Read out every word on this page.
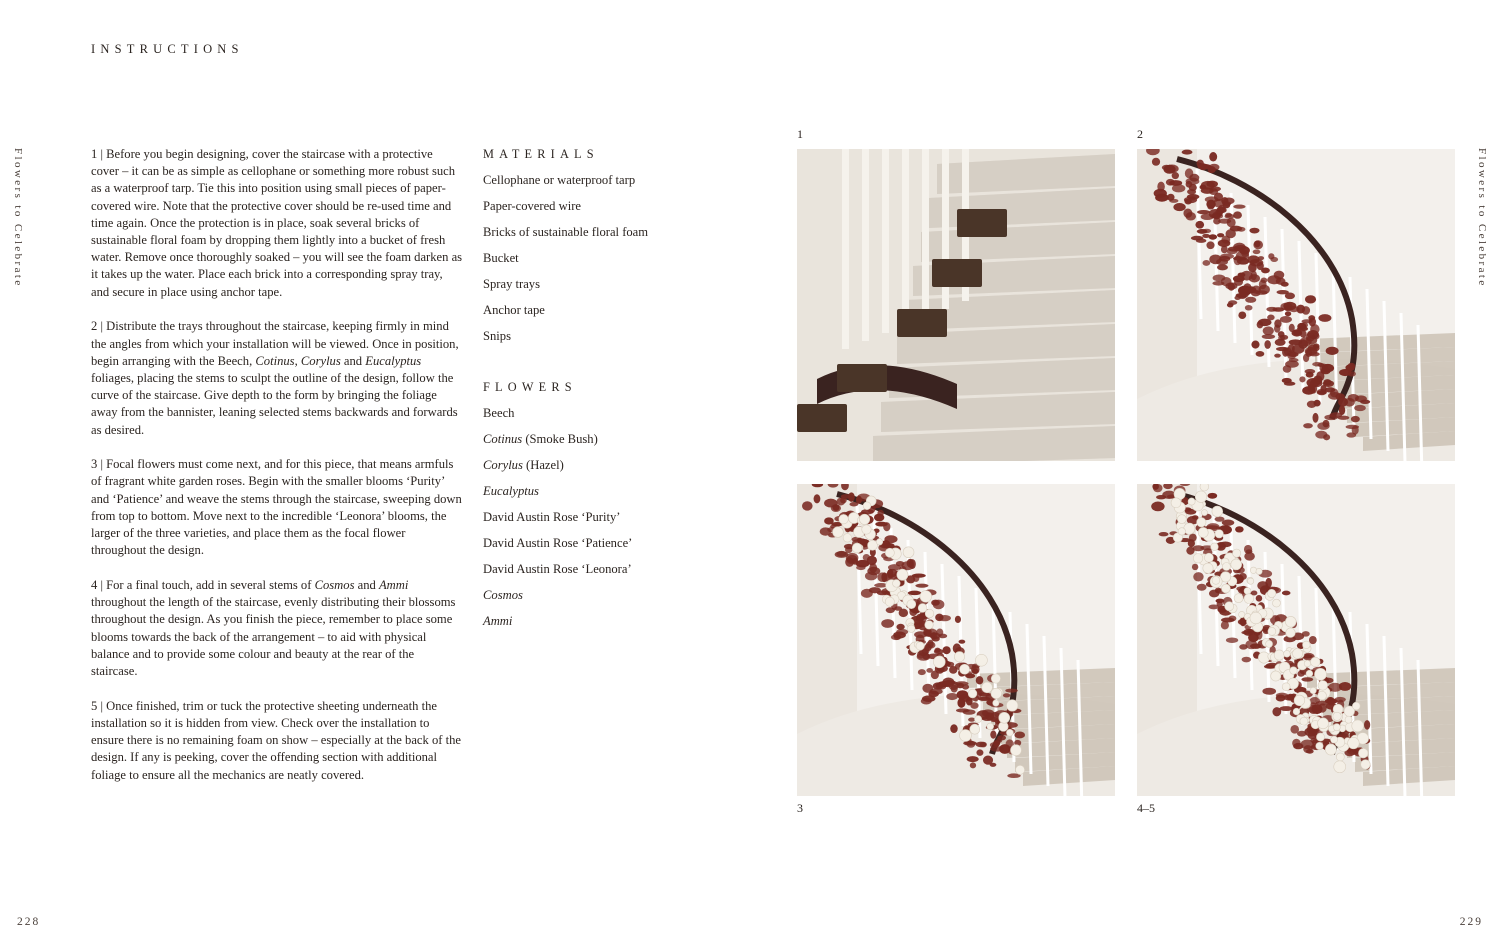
INSTRUCTIONS
Flowers to Celebrate	Flowers to Celebrate

1 | Before you begin designing, cover the staircase with a protective cover – it can be as simple as cellophane or something more robust such as a waterproof tarp. Tie this into position using small pieces of paper-covered wire. Note that the protective cover should be re-used time and time again. Once the protection is in place, soak several bricks of sustainable floral foam by dropping them lightly into a bucket of fresh water. Remove once thoroughly soaked – you will see the foam darken as it takes up the water. Place each brick into a corresponding spray tray, and secure in place using anchor tape.

2 | Distribute the trays throughout the staircase, keeping firmly in mind the angles from which your installation will be viewed. Once in position, begin arranging with the Beech, Cotinus, Corylus and Eucalyptus foliages, placing the stems to sculpt the outline of the design, follow the curve of the staircase. Give depth to the form by bringing the foliage away from the bannister, leaning selected stems backwards and forwards as desired.

3 | Focal flowers must come next, and for this piece, that means armfuls of fragrant white garden roses. Begin with the smaller blooms ‘Purity’ and ‘Patience’ and weave the stems through the staircase, sweeping down from top to bottom. Move next to the incredible ‘Leonora’ blooms, the larger of the three varieties, and place them as the focal flower throughout the design.

4 | For a final touch, add in several stems of Cosmos and Ammi throughout the length of the staircase, evenly distributing their blossoms throughout the design. As you finish the piece, remember to place some blooms towards the back of the arrangement – to aid with physical balance and to provide some colour and beauty at the rear of the staircase.

5 | Once finished, trim or tuck the protective sheeting underneath the installation so it is hidden from view. Check over the installation to ensure there is no remaining foam on show – especially at the back of the design. If any is peeking, cover the offending section with additional foliage to ensure all the mechanics are neatly covered.

MATERIALS
Cellophane or waterproof tarp
Paper-covered wire
Bricks of sustainable floral foam
Bucket
Spray trays
Anchor tape
Snips
FLOWERS
Beech
Cotinus (Smoke Bush)
Corylus (Hazel)
Eucalyptus
David Austin Rose ‘Purity’
David Austin Rose ‘Patience’
David Austin Rose ‘Leonora’
Cosmos
Ammi
1	2
3	4–5
228	229
